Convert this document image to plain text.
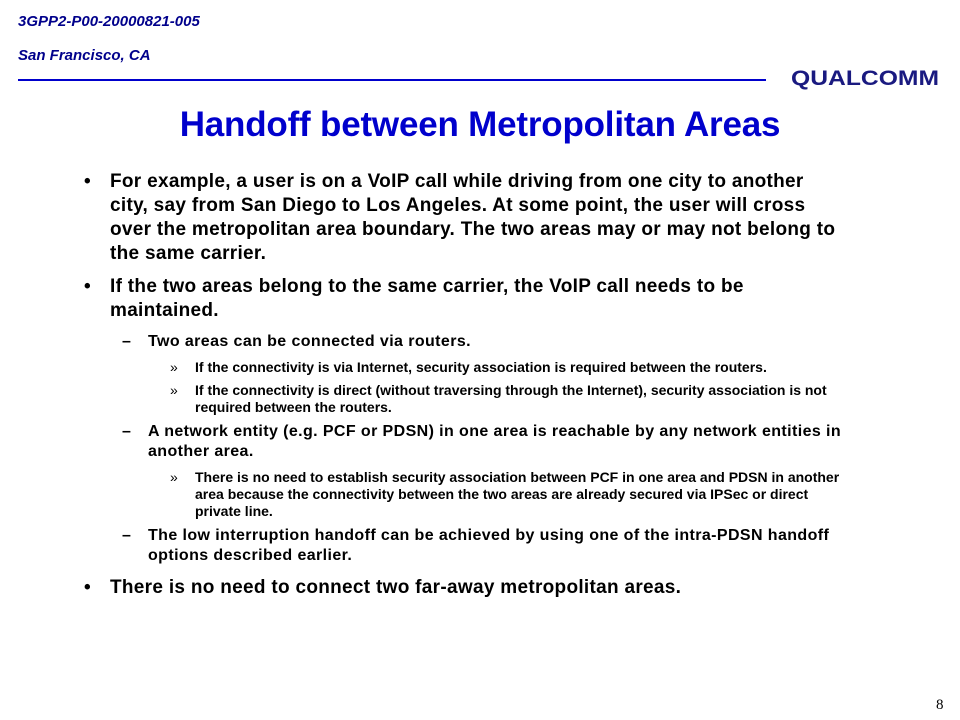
3GPP2-P00-20000821-005
San Francisco, CA
QUALCOMM
Handoff between Metropolitan Areas
• For example, a user is on a VoIP call while driving from one city to another city, say from San Diego to Los Angeles. At some point, the user will cross over the metropolitan area boundary. The two areas may or may not belong to the same carrier.
• If the two areas belong to the same carrier, the VoIP call needs to be maintained.
– Two areas can be connected via routers.
» If the connectivity is via Internet, security association is required between the routers.
» If the connectivity is direct (without traversing through the Internet), security association is not required between the routers.
– A network entity (e.g. PCF or PDSN) in one area is reachable by any network entities in another area.
» There is no need to establish security association between PCF in one area and PDSN in another area because the connectivity between the two areas are already secured via IPSec or direct private line.
– The low interruption handoff can be achieved by using one of the intra-PDSN handoff options described earlier.
• There is no need to connect two far-away metropolitan areas.
8
